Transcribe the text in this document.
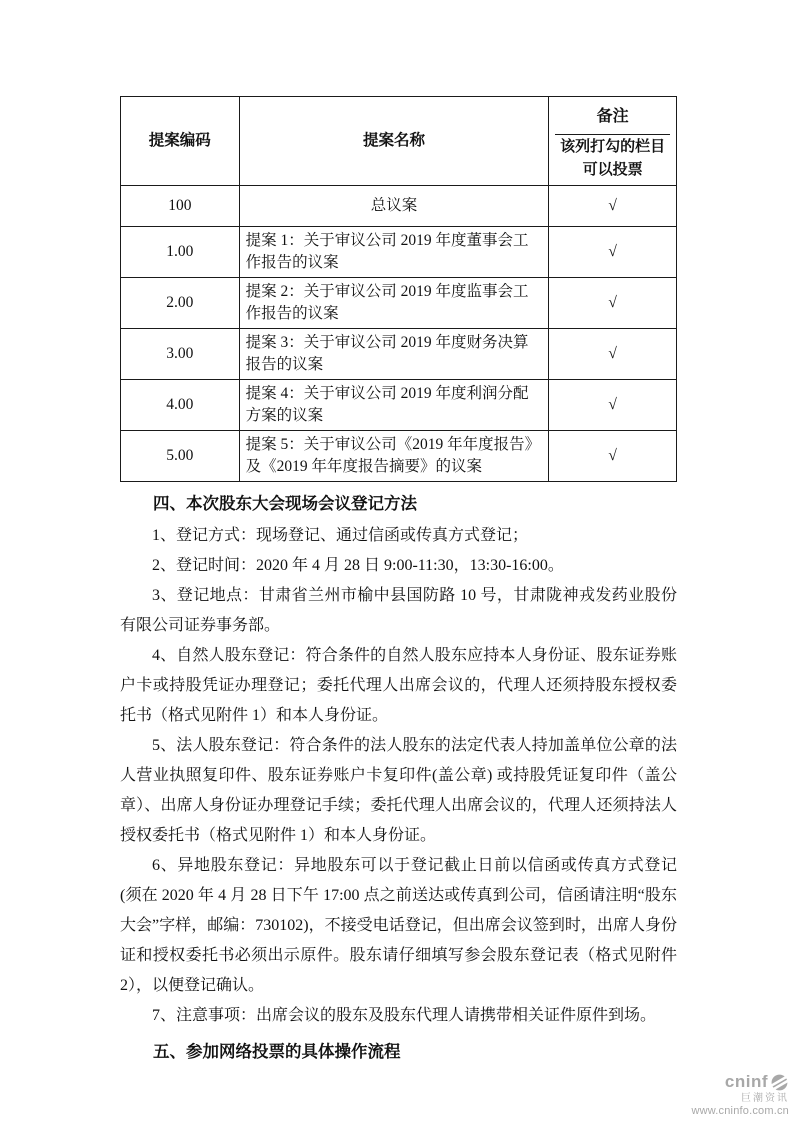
提案编码	提案名称	备注
该列打勾的栏目可以投票

100	总议案	√
1.00	提案 1：关于审议公司 2019 年度董事会工作报告的议案	√
2.00	提案 2：关于审议公司 2019 年度监事会工作报告的议案	√
3.00	提案 3：关于审议公司 2019 年度财务决算报告的议案	√
4.00	提案 4：关于审议公司 2019 年度利润分配方案的议案	√
5.00	提案 5：关于审议公司《2019 年年度报告》及《2019 年年度报告摘要》的议案	√
四、本次股东大会现场会议登记方法

1、登记方式：现场登记、通过信函或传真方式登记；

2、登记时间：2020 年 4 月 28 日 9:00-11:30，13:30-16:00。

3、登记地点：甘肃省兰州市榆中县国防路 10 号，甘肃陇神戎发药业股份有限公司证券事务部。

4、自然人股东登记：符合条件的自然人股东应持本人身份证、股东证券账户卡或持股凭证办理登记；委托代理人出席会议的，代理人还须持股东授权委托书（格式见附件 1）和本人身份证。

5、法人股东登记：符合条件的法人股东的法定代表人持加盖单位公章的法人营业执照复印件、股东证券账户卡复印件(盖公章) 或持股凭证复印件（盖公章）、出席人身份证办理登记手续；委托代理人出席会议的，代理人还须持法人授权委托书（格式见附件 1）和本人身份证。

6、异地股东登记：异地股东可以于登记截止日前以信函或传真方式登记(须在 2020 年 4 月 28 日下午 17:00 点之前送达或传真到公司，信函请注明“股东大会”字样，邮编：730102)，不接受电话登记，但出席会议签到时，出席人身份证和授权委托书必须出示原件。股东请仔细填写参会股东登记表（格式见附件 2），以便登记确认。

7、注意事项：出席会议的股东及股东代理人请携带相关证件原件到场。

五、参加网络投票的具体操作流程
cninf
巨潮资讯
www.cninfo.com.cn
